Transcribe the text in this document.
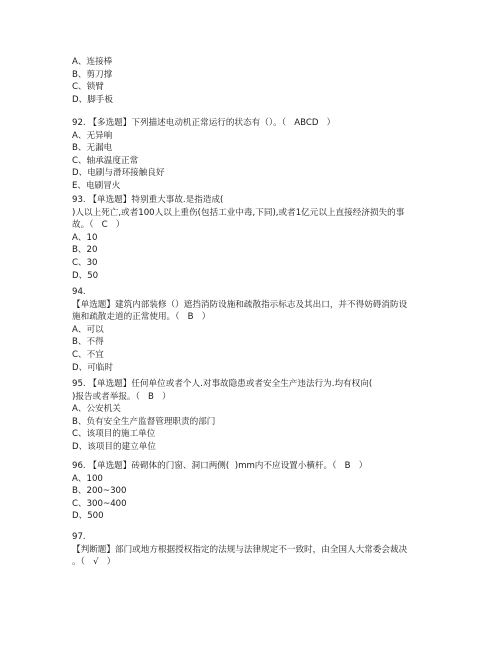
A、连接棒
B、剪刀撑
C、锁臂
D、脚手板
92. 【多选题】下列描述电动机正常运行的状态有（）。（   ABCD   ）
A、无异响
B、无漏电
C、轴承温度正常
D、电刷与滑环接触良好
E、电刷冒火
93. 【单选题】特别重大事故.是指造成(
)人以上死亡,或者100人以上重伤(包括工业中毒,下同),或者1亿元以上直接经济损失的事
故。（   C   ）
A、10
B、20
C、30
D、50
94.
【单选题】建筑内部装修（）遮挡消防设施和疏散指示标志及其出口，并不得妨碍消防设
施和疏散走道的正常使用。（   B   ）
A、可以
B、不得
C、不宜
D、可临时
95. 【单选题】任何单位或者个人.对事故隐患或者安全生产违法行为.均有权向(
)报告或者举报。（   B   ）
A、公安机关
B、负有安全生产监督管理职责的部门
C、该项目的施工单位
D、该项目的建立单位
96. 【单选题】砖砌体的门窗、洞口两侧(  )mm内不应设置小横杆。（   B   ）
A、100
B、200~300
C、300~400
D、500
97.
【判断题】部门或地方根据授权指定的法规与法律规定不一致时，由全国人大常委会裁决
。（   √   ）
